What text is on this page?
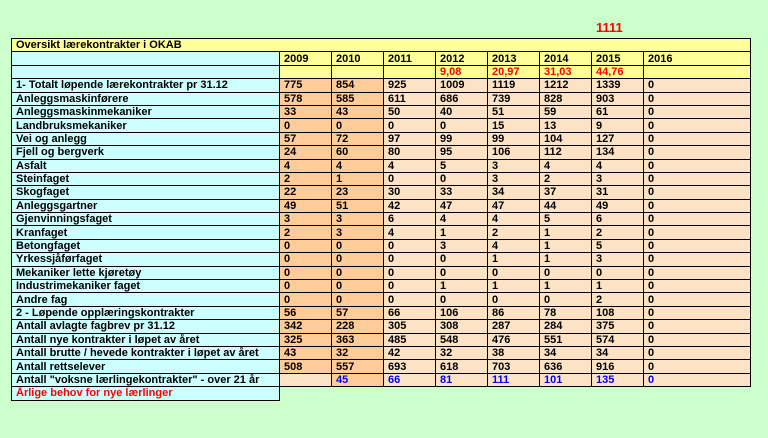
1111
Oversikt lærekontrakter i OKAB								
	2009	2010	2011	2012	2013	2014	2015	2016
				9,08	20,97	31,03	44,76	
1- Totalt løpende lærekontrakter pr 31.12	775	854	925	1009	1119	1212	1339	0
Anleggsmaskinførere	578	585	611	686	739	828	903	0
Anleggsmaskinmekaniker	33	43	50	40	51	59	61	0
Landbruksmekaniker	0	0	0	0	15	13	9	0
Vei og anlegg	57	72	97	99	99	104	127	0
Fjell og bergverk	24	60	80	95	106	112	134	0
Asfalt	4	4	4	5	3	4	4	0
Steinfaget	2	1	0	0	3	2	3	0
Skogfaget	22	23	30	33	34	37	31	0
Anleggsgartner	49	51	42	47	47	44	49	0
Gjenvinningsfaget	3	3	6	4	4	5	6	0
Kranfaget	2	3	4	1	2	1	2	0
Betongfaget	0	0	0	3	4	1	5	0
Yrkessjåførfaget	0	0	0	0	1	1	3	0
Mekaniker lette kjøretøy	0	0	0	0	0	0	0	0
Industrimekaniker faget	0	0	0	1	1	1	1	0
Andre fag	0	0	0	0	0	0	2	0
2 - Løpende opplæringskontrakter	56	57	66	106	86	78	108	0
Antall avlagte fagbrev pr 31.12	342	228	305	308	287	284	375	0
Antall nye kontrakter i løpet av året	325	363	485	548	476	551	574	0
Antall brutte / hevede kontrakter i løpet av året	43	32	42	32	38	34	34	0
Antall rettselever	508	557	693	618	703	636	916	0
Antall "voksne lærlingekontrakter" - over 21 år		45	66	81	111	101	135	0
Årlige behov for nye lærlinger								
